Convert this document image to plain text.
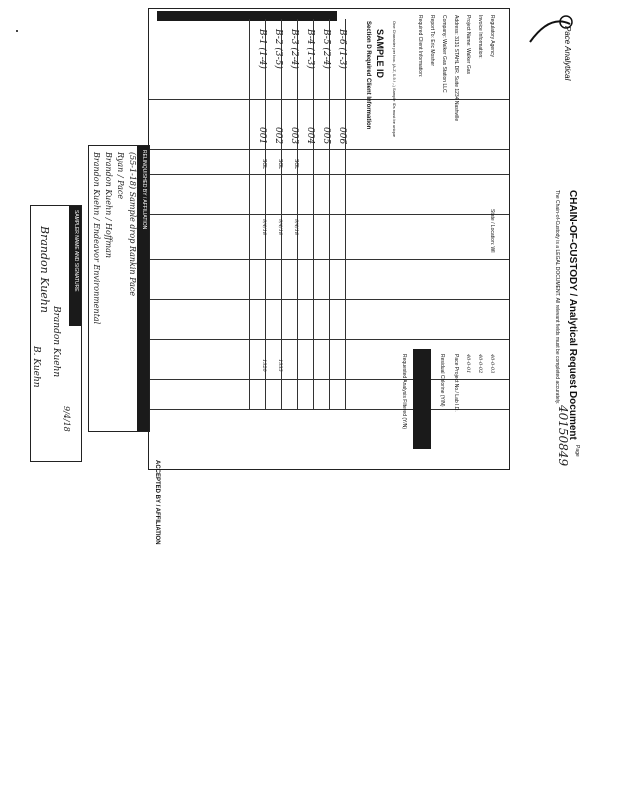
Pace Analytical
CHAIN-OF-CUSTODY / Analytical Request Document
The Chain-of-Custody is a LEGAL DOCUMENT. All relevant fields must be completed accurately.
40150849 Page
B-1 (1-4) B-2 (3-5) B-3 (2-4) B-4 (1-3) B-5 (2-4) B-6 (1-3)
001 002 003 004 005 006
SOL SOL SOL
9/4/18 9/4/18 9/4/18
1320 1335
Section D Required Client Information SAMPLE ID One Character per box. (A-Z, 0-9 / ,-) Sample IDs must be unique	Required Client Information: Report To: Eric Mosher Company: Walker Gas Station LLC Address: 3131 STAHL DR. Suite 1234 Nashville Project Name: Walker Gas Invoice Information: Regulatory Agency
State / Location: WI
Requested Analysis Filtered (Y/N)	Residual Chlorine (Y/N) Pace Project No./ Lab I.D. 40-0-01 40-0-02 40-0-03
RELINQUISHED BY / AFFILIATION
Brandon Kuehn / Endeavor Environmental Brandon Kuehn / Hoffman Ryan / Pace (55-1-18) Sample drop Rankin Pace
SAMPLER NAME AND SIGNATURE
Brandon Kuehn
Brandon Kuehn
B. Kuehn
9/4/18
ACCEPTED BY / AFFILIATION
